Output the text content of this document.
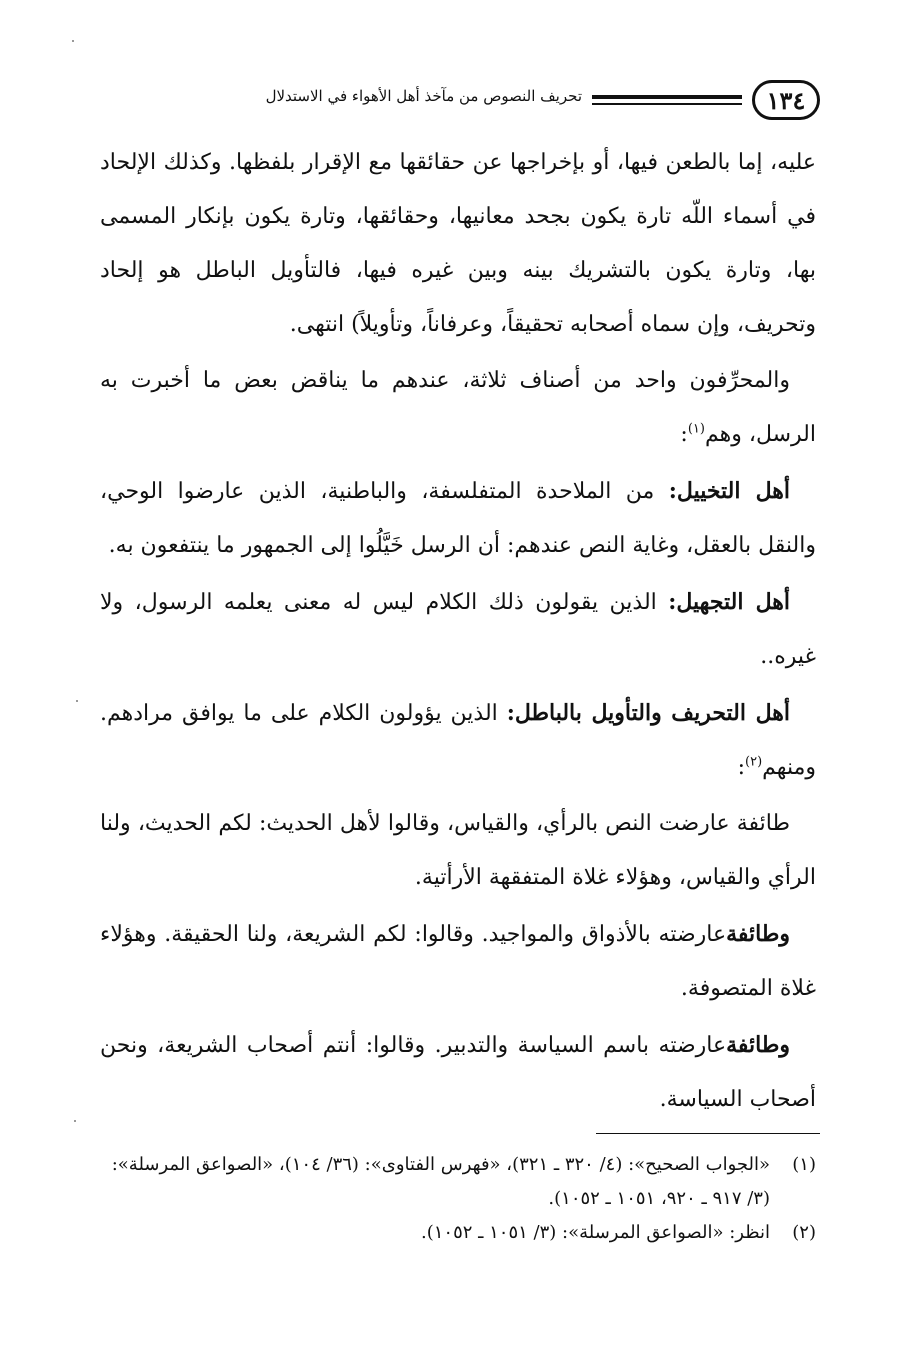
١٣٤
تحريف النصوص من مآخذ أهل الأهواء في الاستدلال

عليه، إما بالطعن فيها، أو بإخراجها عن حقائقها مع الإقرار بلفظها. وكذلك الإلحاد في أسماء اللّه تارة يكون بجحد معانيها، وحقائقها، وتارة يكون بإنكار المسمى بها، وتارة يكون بالتشريك بينه وبين غيره فيها، فالتأويل الباطل هو إلحاد وتحريف، وإن سماه أصحابه تحقيقاً، وعرفاناً، وتأويلاً) انتهى.

والمحرِّفون واحد من أصناف ثلاثة، عندهم ما يناقض بعض ما أخبرت به الرسل، وهم$^{(١)}$:

أهل التخييل: من الملاحدة المتفلسفة، والباطنية، الذين عارضوا الوحي، والنقل بالعقل، وغاية النص عندهم: أن الرسل خَيَّلُوا إلى الجمهور ما ينتفعون به.

أهل التجهيل: الذين يقولون ذلك الكلام ليس له معنى يعلمه الرسول، ولا غيره..

أهل التحريف والتأويل بالباطل: الذين يؤولون الكلام على ما يوافق مرادهم. ومنهم$^{(٢)}$:

طائفة عارضت النص بالرأي، والقياس، وقالوا لأهل الحديث: لكم الحديث، ولنا الرأي والقياس، وهؤلاء غلاة المتفقهة الأرأتية.

وطائفةعارضته بالأذواق والمواجيد. وقالوا: لكم الشريعة، ولنا الحقيقة. وهؤلاء غلاة المتصوفة.

وطائفةعارضته باسم السياسة والتدبير. وقالوا: أنتم أصحاب الشريعة، ونحن أصحاب السياسة.

(١)
«الجواب الصحيح»: (٤/ ٣٢٠ ـ ٣٢١)، «فهرس الفتاوى»: (٣٦/ ١٠٤)، «الصواعق المرسلة»: (٣/ ٩١٧ ـ ٩٢٠، ١٠٥١ ـ ١٠٥٢).
(٢)
انظر: «الصواعق المرسلة»: (٣/ ١٠٥١ ـ ١٠٥٢).
